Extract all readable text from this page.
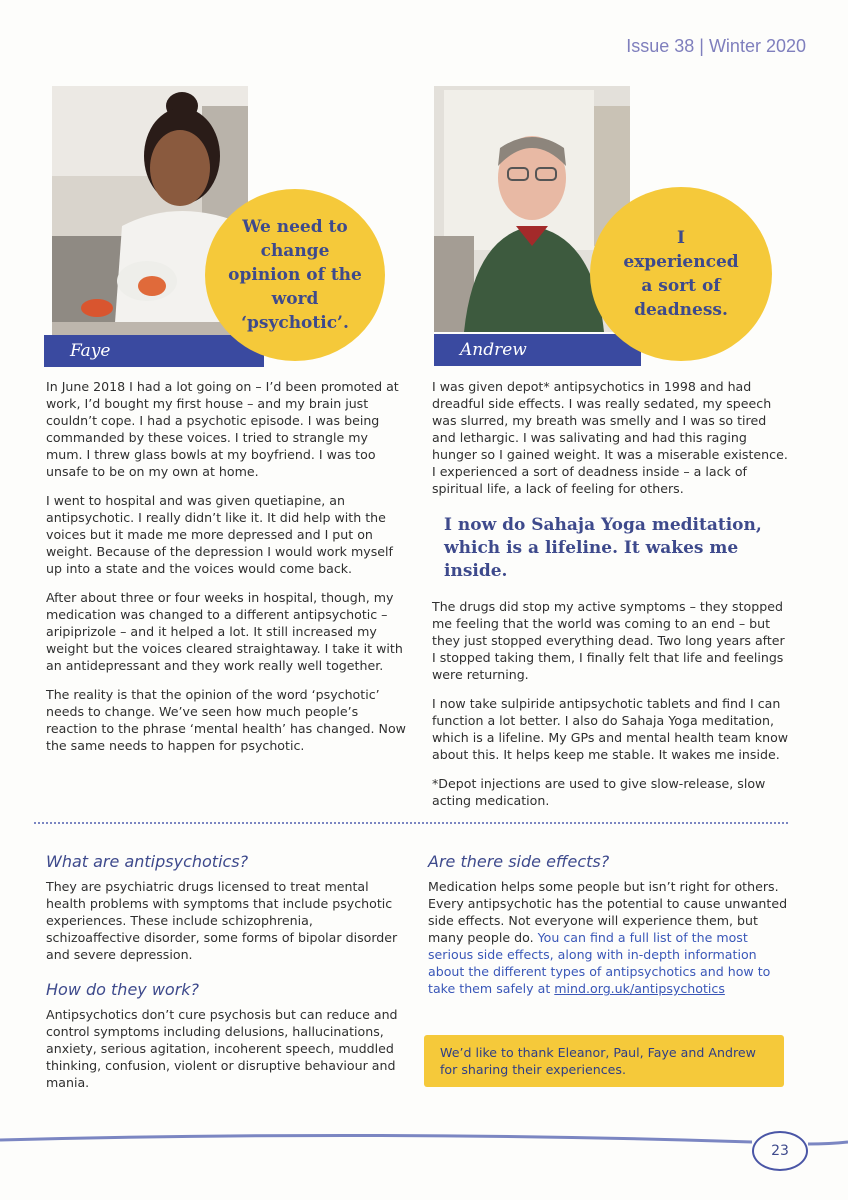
Issue 38 | Winter 2020
Faye
We need to change opinion of the word ‘psychotic’.
Andrew
I experienced a sort of deadness.

In June 2018 I had a lot going on – I’d been promoted at work, I’d bought my first house – and my brain just couldn’t cope. I had a psychotic episode. I was being commanded by these voices. I tried to strangle my mum. I threw glass bowls at my boyfriend. I was too unsafe to be on my own at home.

I went to hospital and was given quetiapine, an antipsychotic. I really didn’t like it. It did help with the voices but it made me more depressed and I put on weight. Because of the depression I would work myself up into a state and the voices would come back.

After about three or four weeks in hospital, though, my medication was changed to a different antipsychotic – aripiprizole – and it helped a lot. It still increased my weight but the voices cleared straightaway. I take it with an antidepressant and they work really well together.

The reality is that the opinion of the word ‘psychotic’ needs to change. We’ve seen how much people’s reaction to the phrase ‘mental health’ has changed. Now the same needs to happen for psychotic.

I was given depot* antipsychotics in 1998 and had dreadful side effects. I was really sedated, my speech was slurred, my breath was smelly and I was so tired and lethargic. I was salivating and had this raging hunger so I gained weight. It was a miserable existence. I experienced a sort of deadness inside – a lack of spiritual life, a lack of feeling for others.

I now do Sahaja Yoga meditation, which is a lifeline. It wakes me inside.

The drugs did stop my active symptoms – they stopped me feeling that the world was coming to an end – but they just stopped everything dead. Two long years after I stopped taking them, I finally felt that life and feelings were returning.

I now take sulpiride antipsychotic tablets and find I can function a lot better. I also do Sahaja Yoga meditation, which is a lifeline. My GPs and mental health team know about this. It helps keep me stable. It wakes me inside.

*Depot injections are used to give slow-release, slow acting medication.

What are antipsychotics?
They are psychiatric drugs licensed to treat mental health problems with symptoms that include psychotic experiences. These include schizophrenia, schizoaffective disorder, some forms of bipolar disorder and severe depression.
How do they work?
Antipsychotics don’t cure psychosis but can reduce and control symptoms including delusions, hallucinations, anxiety, serious agitation, incoherent speech, muddled thinking, confusion, violent or disruptive behaviour and mania.
Are there side effects?
Medication helps some people but isn’t right for others. Every antipsychotic has the potential to cause unwanted side effects. Not everyone will experience them, but many people do. You can find a full list of the most serious side effects, along with in-depth information about the different types of antipsychotics and how to take them safely at mind.org.uk/antipsychotics
We’d like to thank Eleanor, Paul, Faye and Andrew for sharing their experiences.
23
